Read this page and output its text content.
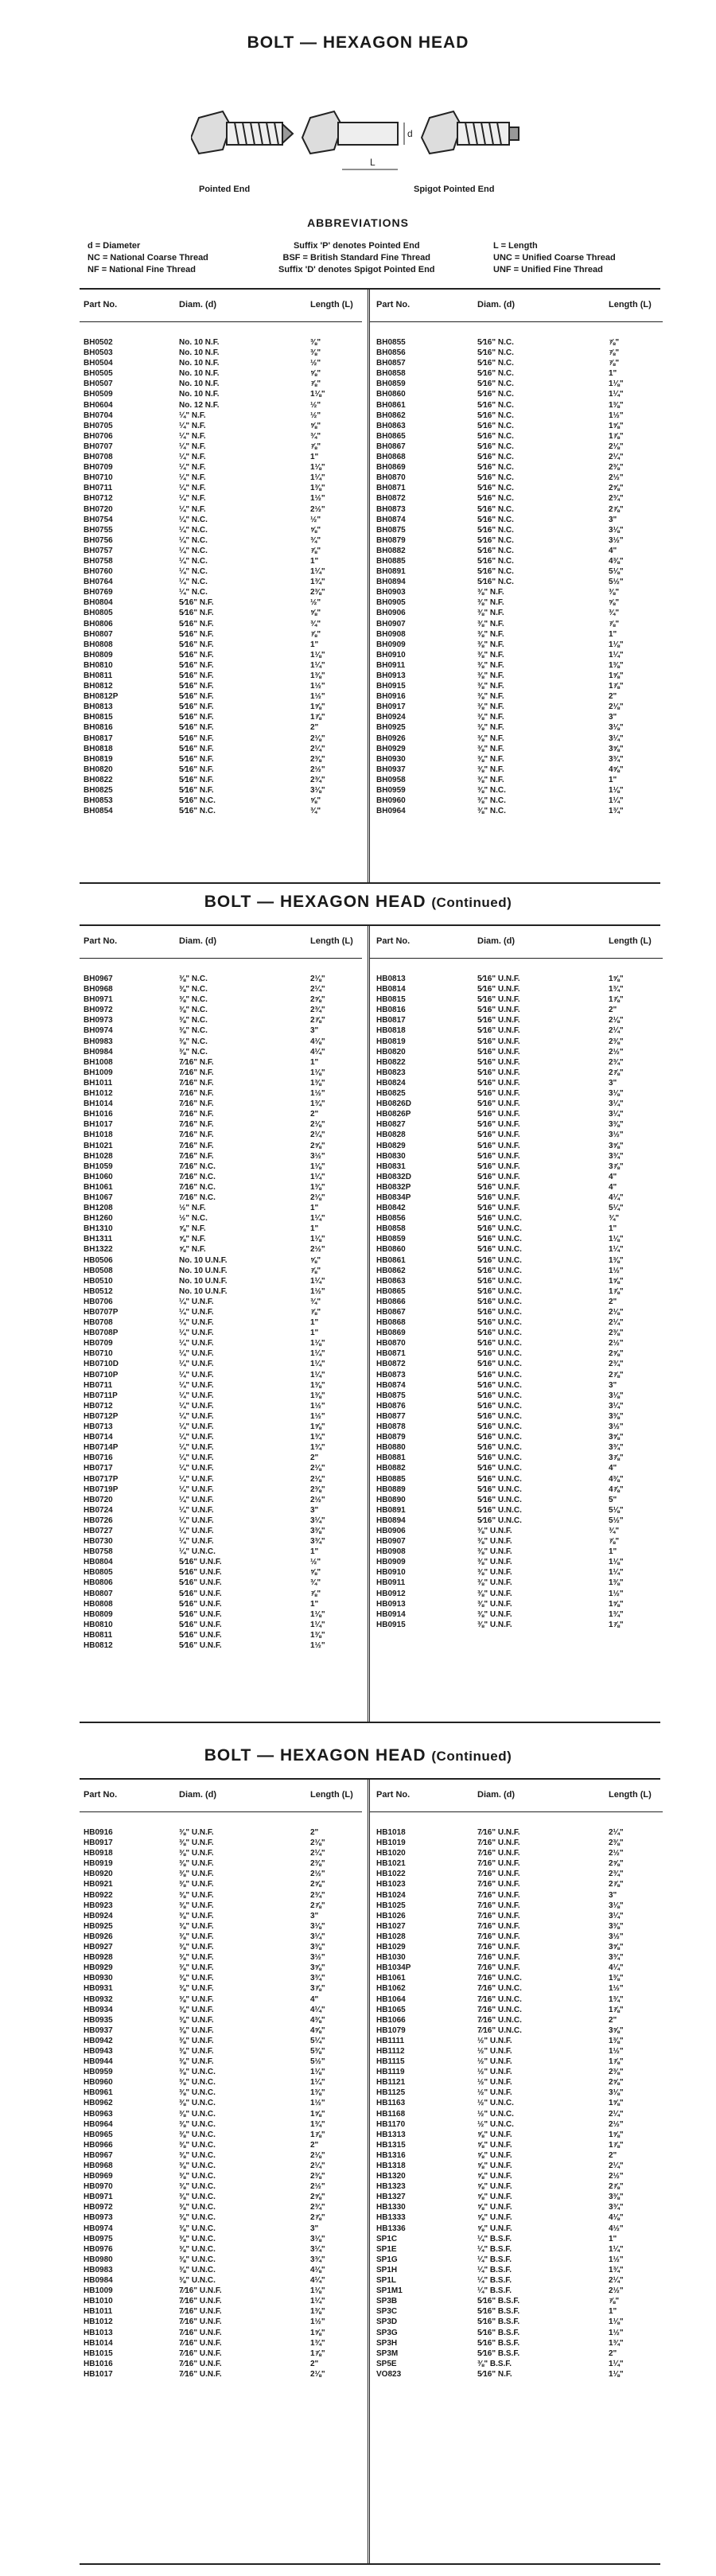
BOLT — HEXAGON HEAD
d
L
Pointed End	Spigot Pointed End
ABBREVIATIONS
d = Diameter
NC = National Coarse Thread
NF = National Fine Thread
Suffix 'P' denotes Pointed End
BSF = British Standard Fine Thread
Suffix 'D' denotes Spigot Pointed End
L = Length
UNC = Unified Coarse Thread
UNF = Unified Fine Thread
Part No.	Diam. (d)	Length (L)
BH0502	No. 10 N.F.	⅜"
BH0503	No. 10 N.F.	⅜"
BH0504	No. 10 N.F.	½"
BH0505	No. 10 N.F.	⅝"
BH0507	No. 10 N.F.	⅞"
BH0509	No. 10 N.F.	1⅛"
BH0604	No. 12 N.F.	½"
BH0704	¼" N.F.	½"
BH0705	¼" N.F.	⅝"
BH0706	¼" N.F.	¾"
BH0707	¼" N.F.	⅞"
BH0708	¼" N.F.	1"
BH0709	¼" N.F.	1⅛"
BH0710	¼" N.F.	1¼"
BH0711	¼" N.F.	1⅜"
BH0712	¼" N.F.	1½"
BH0720	¼" N.F.	2½"
BH0754	¼" N.C.	½"
BH0755	¼" N.C.	⅝"
BH0756	¼" N.C.	¾"
BH0757	¼" N.C.	⅞"
BH0758	¼" N.C.	1"
BH0760	¼" N.C.	1¼"
BH0764	¼" N.C.	1¾"
BH0769	¼" N.C.	2⅜"
BH0804	5⁄16" N.F.	½"
BH0805	5⁄16" N.F.	⅝"
BH0806	5⁄16" N.F.	¾"
BH0807	5⁄16" N.F.	⅞"
BH0808	5⁄16" N.F.	1"
BH0809	5⁄16" N.F.	1⅛"
BH0810	5⁄16" N.F.	1¼"
BH0811	5⁄16" N.F.	1⅜"
BH0812	5⁄16" N.F.	1½"
BH0812P	5⁄16" N.F.	1½"
BH0813	5⁄16" N.F.	1⅝"
BH0815	5⁄16" N.F.	1⅞"
BH0816	5⁄16" N.F.	2"
BH0817	5⁄16" N.F.	2⅛"
BH0818	5⁄16" N.F.	2¼"
BH0819	5⁄16" N.F.	2⅜"
BH0820	5⁄16" N.F.	2½"
BH0822	5⁄16" N.F.	2¾"
BH0825	5⁄16" N.F.	3⅛"
BH0853	5⁄16" N.C.	⅝"
BH0854	5⁄16" N.C.	¾"
Part No.	Diam. (d)	Length (L)
BH0855	5⁄16" N.C.	⅞"
BH0856	5⁄16" N.C.	⅞"
BH0857	5⁄16" N.C.	⅞"
BH0858	5⁄16" N.C.	1"
BH0859	5⁄16" N.C.	1⅛"
BH0860	5⁄16" N.C.	1¼"
BH0861	5⁄16" N.C.	1⅜"
BH0862	5⁄16" N.C.	1½"
BH0863	5⁄16" N.C.	1⅝"
BH0865	5⁄16" N.C.	1⅞"
BH0867	5⁄16" N.C.	2⅛"
BH0868	5⁄16" N.C.	2¼"
BH0869	5⁄16" N.C.	2⅜"
BH0870	5⁄16" N.C.	2½"
BH0871	5⁄16" N.C.	2⅝"
BH0872	5⁄16" N.C.	2¾"
BH0873	5⁄16" N.C.	2⅞"
BH0874	5⁄16" N.C.	3"
BH0875	5⁄16" N.C.	3⅛"
BH0879	5⁄16" N.C.	3½"
BH0882	5⁄16" N.C.	4"
BH0885	5⁄16" N.C.	4⅜"
BH0891	5⁄16" N.C.	5⅛"
BH0894	5⁄16" N.C.	5½"
BH0903	⅜" N.F.	⅜"
BH0905	⅜" N.F.	⅝"
BH0906	⅜" N.F.	¾"
BH0907	⅜" N.F.	⅞"
BH0908	⅜" N.F.	1"
BH0909	⅜" N.F.	1⅛"
BH0910	⅜" N.F.	1¼"
BH0911	⅜" N.F.	1⅜"
BH0913	⅜" N.F.	1⅝"
BH0915	⅜" N.F.	1⅞"
BH0916	⅜" N.F.	2"
BH0917	⅜" N.F.	2⅛"
BH0924	⅜" N.F.	3"
BH0925	⅜" N.F.	3⅛"
BH0926	⅜" N.F.	3¼"
BH0929	⅜" N.F.	3⅝"
BH0930	⅜" N.F.	3¾"
BH0937	⅜" N.F.	4⅝"
BH0958	⅜" N.F.	1"
BH0959	⅜" N.C.	1⅛"
BH0960	⅜" N.C.	1¼"
BH0964	⅜" N.C.	1¾"
BOLT — HEXAGON HEAD (Continued)
Part No.	Diam. (d)	Length (L)
BH0967	⅜" N.C.	2⅛"
BH0968	⅜" N.C.	2¼"
BH0971	⅜" N.C.	2⅝"
BH0972	⅜" N.C.	2¾"
BH0973	⅜" N.C.	2⅞"
BH0974	⅜" N.C.	3"
BH0983	⅜" N.C.	4⅛"
BH0984	⅜" N.C.	4¼"
BH1008	7⁄16" N.F.	1"
BH1009	7⁄16" N.F.	1⅛"
BH1011	7⁄16" N.F.	1⅜"
BH1012	7⁄16" N.F.	1½"
BH1014	7⁄16" N.F.	1¾"
BH1016	7⁄16" N.F.	2"
BH1017	7⁄16" N.F.	2⅛"
BH1018	7⁄16" N.F.	2¼"
BH1021	7⁄16" N.F.	2⅝"
BH1028	7⁄16" N.F.	3½"
BH1059	7⁄16" N.C.	1⅛"
BH1060	7⁄16" N.C.	1¼"
BH1061	7⁄16" N.C.	1⅜"
BH1067	7⁄16" N.C.	2⅛"
BH1208	½" N.F.	1"
BH1260	½" N.C.	1¼"
BH1310	⅝" N.F.	1"
BH1311	⅝" N.F.	1⅛"
BH1322	⅝" N.F.	2½"
HB0506	No. 10 U.N.F.	⅝"
HB0508	No. 10 U.N.F.	⅞"
HB0510	No. 10 U.N.F.	1¼"
HB0512	No. 10 U.N.F.	1½"
HB0706	¼" U.N.F.	¾"
HB0707P	¼" U.N.F.	⅞"
HB0708	¼" U.N.F.	1"
HB0708P	¼" U.N.F.	1"
HB0709	¼" U.N.F.	1⅛"
HB0710	¼" U.N.F.	1¼"
HB0710D	¼" U.N.F.	1¼"
HB0710P	¼" U.N.F.	1¼"
HB0711	¼" U.N.F.	1⅜"
HB0711P	¼" U.N.F.	1⅜"
HB0712	¼" U.N.F.	1½"
HB0712P	¼" U.N.F.	1½"
HB0713	¼" U.N.F.	1⅝"
HB0714	¼" U.N.F.	1¾"
HB0714P	¼" U.N.F.	1¾"
HB0716	¼" U.N.F.	2"
HB0717	¼" U.N.F.	2⅛"
HB0717P	¼" U.N.F.	2⅛"
HB0719P	¼" U.N.F.	2⅜"
HB0720	¼" U.N.F.	2½"
HB0724	¼" U.N.F.	3"
HB0726	¼" U.N.F.	3¼"
HB0727	¼" U.N.F.	3⅜"
HB0730	¼" U.N.F.	3¾"
HB0758	¼" U.N.C.	1"
HB0804	5⁄16" U.N.F.	½"
HB0805	5⁄16" U.N.F.	⅝"
HB0806	5⁄16" U.N.F.	¾"
HB0807	5⁄16" U.N.F.	⅞"
HB0808	5⁄16" U.N.F.	1"
HB0809	5⁄16" U.N.F.	1⅛"
HB0810	5⁄16" U.N.F.	1¼"
HB0811	5⁄16" U.N.F.	1⅜"
HB0812	5⁄16" U.N.F.	1½"
Part No.	Diam. (d)	Length (L)
HB0813	5⁄16" U.N.F.	1⅝"
HB0814	5⁄16" U.N.F.	1¾"
HB0815	5⁄16" U.N.F.	1⅞"
HB0816	5⁄16" U.N.F.	2"
HB0817	5⁄16" U.N.F.	2⅛"
HB0818	5⁄16" U.N.F.	2¼"
HB0819	5⁄16" U.N.F.	2⅜"
HB0820	5⁄16" U.N.F.	2½"
HB0822	5⁄16" U.N.F.	2¾"
HB0823	5⁄16" U.N.F.	2⅞"
HB0824	5⁄16" U.N.F.	3"
HB0825	5⁄16" U.N.F.	3⅛"
HB0826D	5⁄16" U.N.F.	3¼"
HB0826P	5⁄16" U.N.F.	3¼"
HB0827	5⁄16" U.N.F.	3⅜"
HB0828	5⁄16" U.N.F.	3½"
HB0829	5⁄16" U.N.F.	3⅝"
HB0830	5⁄16" U.N.F.	3¾"
HB0831	5⁄16" U.N.F.	3⅞"
HB0832D	5⁄16" U.N.F.	4"
HB0832P	5⁄16" U.N.F.	4"
HB0834P	5⁄16" U.N.F.	4¼"
HB0842	5⁄16" U.N.F.	5¼"
HB0856	5⁄16" U.N.C.	¾"
HB0858	5⁄16" U.N.C.	1"
HB0859	5⁄16" U.N.C.	1⅛"
HB0860	5⁄16" U.N.C.	1¼"
HB0861	5⁄16" U.N.C.	1⅜"
HB0862	5⁄16" U.N.C.	1½"
HB0863	5⁄16" U.N.C.	1⅝"
HB0865	5⁄16" U.N.C.	1⅞"
HB0866	5⁄16" U.N.C.	2"
HB0867	5⁄16" U.N.C.	2⅛"
HB0868	5⁄16" U.N.C.	2¼"
HB0869	5⁄16" U.N.C.	2⅜"
HB0870	5⁄16" U.N.C.	2½"
HB0871	5⁄16" U.N.C.	2⅝"
HB0872	5⁄16" U.N.C.	2¾"
HB0873	5⁄16" U.N.C.	2⅞"
HB0874	5⁄16" U.N.C.	3"
HB0875	5⁄16" U.N.C.	3⅛"
HB0876	5⁄16" U.N.C.	3¼"
HB0877	5⁄16" U.N.C.	3⅜"
HB0878	5⁄16" U.N.C.	3½"
HB0879	5⁄16" U.N.C.	3⅝"
HB0880	5⁄16" U.N.C.	3¾"
HB0881	5⁄16" U.N.C.	3⅞"
HB0882	5⁄16" U.N.C.	4"
HB0885	5⁄16" U.N.C.	4⅜"
HB0889	5⁄16" U.N.C.	4⅞"
HB0890	5⁄16" U.N.C.	5"
HB0891	5⁄16" U.N.C.	5⅛"
HB0894	5⁄16" U.N.C.	5½"
HB0906	⅜" U.N.F.	¾"
HB0907	⅜" U.N.F.	⅞"
HB0908	⅜" U.N.F.	1"
HB0909	⅜" U.N.F.	1⅛"
HB0910	⅜" U.N.F.	1¼"
HB0911	⅜" U.N.F.	1⅜"
HB0912	⅜" U.N.F.	1½"
HB0913	⅜" U.N.F.	1⅝"
HB0914	⅜" U.N.F.	1¾"
HB0915	⅜" U.N.F.	1⅞"
BOLT — HEXAGON HEAD (Continued)
Part No.	Diam. (d)	Length (L)
HB0916	⅜" U.N.F.	2"
HB0917	⅜" U.N.F.	2⅛"
HB0918	⅜" U.N.F.	2¼"
HB0919	⅜" U.N.F.	2⅜"
HB0920	⅜" U.N.F.	2½"
HB0921	⅜" U.N.F.	2⅝"
HB0922	⅜" U.N.F.	2¾"
HB0923	⅜" U.N.F.	2⅞"
HB0924	⅜" U.N.F.	3"
HB0925	⅜" U.N.F.	3⅛"
HB0926	⅜" U.N.F.	3¼"
HB0927	⅜" U.N.F.	3⅜"
HB0928	⅜" U.N.F.	3½"
HB0929	⅜" U.N.F.	3⅝"
HB0930	⅜" U.N.F.	3¾"
HB0931	⅜" U.N.F.	3⅞"
HB0932	⅜" U.N.F.	4"
HB0934	⅜" U.N.F.	4¼"
HB0935	⅜" U.N.F.	4⅜"
HB0937	⅜" U.N.F.	4⅝"
HB0942	⅜" U.N.F.	5¼"
HB0943	⅜" U.N.F.	5⅜"
HB0944	⅜" U.N.F.	5½"
HB0959	⅜" U.N.C.	1⅛"
HB0960	⅜" U.N.C.	1¼"
HB0961	⅜" U.N.C.	1⅜"
HB0962	⅜" U.N.C.	1½"
HB0963	⅜" U.N.C.	1⅝"
HB0964	⅜" U.N.C.	1¾"
HB0965	⅜" U.N.C.	1⅞"
HB0966	⅜" U.N.C.	2"
HB0967	⅜" U.N.C.	2⅛"
HB0968	⅜" U.N.C.	2¼"
HB0969	⅜" U.N.C.	2⅜"
HB0970	⅜" U.N.C.	2½"
HB0971	⅜" U.N.C.	2⅝"
HB0972	⅜" U.N.C.	2¾"
HB0973	⅜" U.N.C.	2⅞"
HB0974	⅜" U.N.C.	3"
HB0975	⅜" U.N.C.	3⅛"
HB0976	⅜" U.N.C.	3¼"
HB0980	⅜" U.N.C.	3¾"
HB0983	⅜" U.N.C.	4⅛"
HB0984	⅜" U.N.C.	4¼"
HB1009	7⁄16" U.N.F.	1⅛"
HB1010	7⁄16" U.N.F.	1¼"
HB1011	7⁄16" U.N.F.	1⅜"
HB1012	7⁄16" U.N.F.	1½"
HB1013	7⁄16" U.N.F.	1⅝"
HB1014	7⁄16" U.N.F.	1¾"
HB1015	7⁄16" U.N.F.	1⅞"
HB1016	7⁄16" U.N.F.	2"
HB1017	7⁄16" U.N.F.	2⅛"
Part No.	Diam. (d)	Length (L)
HB1018	7⁄16" U.N.F.	2¼"
HB1019	7⁄16" U.N.F.	2⅜"
HB1020	7⁄16" U.N.F.	2½"
HB1021	7⁄16" U.N.F.	2⅝"
HB1022	7⁄16" U.N.F.	2¾"
HB1023	7⁄16" U.N.F.	2⅞"
HB1024	7⁄16" U.N.F.	3"
HB1025	7⁄16" U.N.F.	3⅛"
HB1026	7⁄16" U.N.F.	3¼"
HB1027	7⁄16" U.N.F.	3⅜"
HB1028	7⁄16" U.N.F.	3½"
HB1029	7⁄16" U.N.F.	3⅝"
HB1030	7⁄16" U.N.F.	3¾"
HB1034P	7⁄16" U.N.F.	4¼"
HB1061	7⁄16" U.N.C.	1⅜"
HB1062	7⁄16" U.N.C.	1½"
HB1064	7⁄16" U.N.C.	1¾"
HB1065	7⁄16" U.N.C.	1⅞"
HB1066	7⁄16" U.N.C.	2"
HB1079	7⁄16" U.N.C.	3⅝"
HB1111	½" U.N.F.	1⅜"
HB1112	½" U.N.F.	1½"
HB1115	½" U.N.F.	1⅞"
HB1119	½" U.N.F.	2⅜"
HB1121	½" U.N.F.	2⅝"
HB1125	½" U.N.F.	3⅛"
HB1163	½" U.N.C.	1⅝"
HB1168	½" U.N.C.	2¼"
HB1170	½" U.N.C.	2½"
HB1313	⅝" U.N.F.	1⅝"
HB1315	⅝" U.N.F.	1⅞"
HB1316	⅝" U.N.F.	2"
HB1318	⅝" U.N.F.	2¼"
HB1320	⅝" U.N.F.	2½"
HB1323	⅝" U.N.F.	2⅞"
HB1327	⅝" U.N.F.	3⅜"
HB1330	⅝" U.N.F.	3¾"
HB1333	⅝" U.N.F.	4⅛"
HB1336	⅝" U.N.F.	4½"
SP1C	¼" B.S.F.	1"
SP1E	¼" B.S.F.	1¼"
SP1G	¼" B.S.F.	1½"
SP1H	¼" B.S.F.	1¾"
SP1L	¼" B.S.F.	2¼"
SP1M1	¼" B.S.F.	2½"
SP3B	5⁄16" B.S.F.	⅞"
SP3C	5⁄16" B.S.F.	1"
SP3D	5⁄16" B.S.F.	1⅛"
SP3G	5⁄16" B.S.F.	1½"
SP3H	5⁄16" B.S.F.	1¾"
SP3M	5⁄16" B.S.F.	2"
SP5E	⅜" B.S.F.	1¼"
VO823	5⁄16" N.F.	1⅛"
